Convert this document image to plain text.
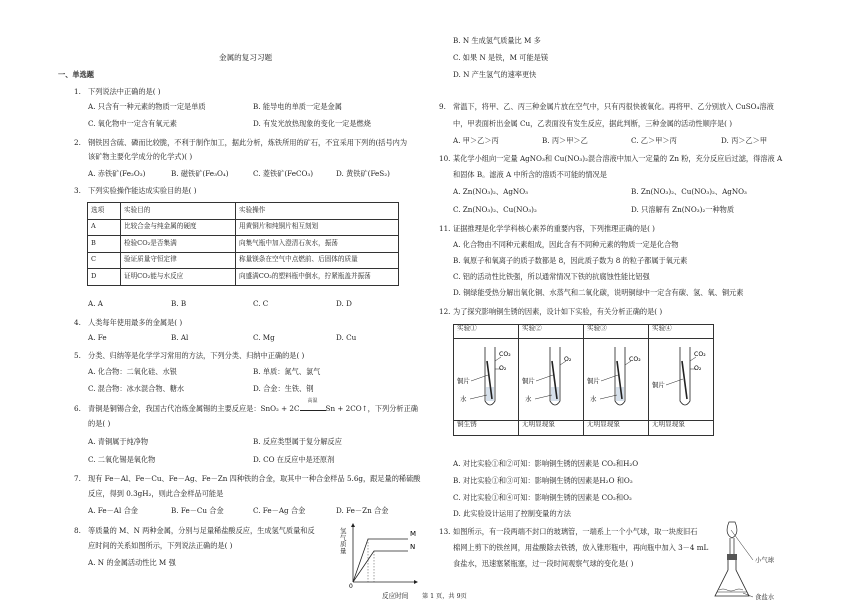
金属的复习习题
一、单选题
1. 下列说法中正确的是( )
A. 只含有一种元素的物质一定是单质	B. 能导电的单质一定是金属
C. 氧化物中一定含有氧元素	D. 有发光放热现象的变化一定是燃烧
2. 钢铁因含硫、磷而比较脆，不利于制作加工，据此分析，炼铁所用的矿石，不宜采用下列的(括号内为
该矿物主要化学成分的化学式)( )
A. 赤铁矿(Fe₂O₃)	B. 磁铁矿(Fe₃O₄)	C. 菱铁矿(FeCO₃)	D. 黄铁矿(FeS₂)
3. 下列实验操作能达成实验目的是( )
选项	实验目的	实验操作
A	比较合金与纯金属的硬度	用黄铜片和纯铜片相互刻划
B	检验CO₂是否集满	向集气瓶中加入澄清石灰水，振荡
C	验证质量守恒定律	称量镁条在空气中点燃前、后固体的质量
D	证明CO₂能与水反应	向盛满CO₂的塑料瓶中倒水，拧紧瓶盖并振荡
A. A	B. B	C. C	D. D
4. 人类每年使用最多的金属是( )
A. Fe	B. Al	C. Mg	D. Cu
5. 分类、归纳等是化学学习常用的方法，下列分类、归纳中正确的是( )
A. 化合物：二氧化硅、水银	B. 单质：氮气、氯气
C. 混合物：冰水混合物、糖水	D. 合金：生铁、钢
6. 青铜是铜锡合金，我国古代冶炼金属锡的主要反应是：SnO₂ + 2C
高温
Sn + 2CO↑，下列分析正确
的是( )
A. 青铜属于纯净物	B. 反应类型属于复分解反应
C. 二氧化锡是氧化物	D. CO 在反应中是还原剂
7. 现有 Fe－Al、Fe－Cu、Fe－Ag、Fe－Zn 四种铁的合金，取其中一种合金样品 5.6g，跟足量的稀硫酸
反应，得到 0.3gH₂，则此合金样品可能是
A. Fe－Al 合金	B. Fe－Cu 合金	C. Fe－Ag 合金	D. Fe－Zn 合金
8. 等质量的 M、N 两种金属，分别与足量稀盐酸反应，生成氢气质量和反
应时间的关系如图所示，下列说法正确的是( )
A. N 的金属活动性比 M 强
M
N
0
氢气质量
反应时间 第 1 页，共 9页
B. N 生成氢气质量比 M 多
C. 如果 N 是铁，M 可能是镁
D. N 产生氢气的速率更快
9. 常温下，将甲、乙、丙三种金属片放在空气中，只有丙很快被氧化。再将甲、乙分别放入 CuSO₄溶液
中，甲表面析出金属 Cu，乙表面没有发生反应，据此判断，三种金属的活动性顺序是( )
A. 甲＞乙＞丙	B. 丙＞甲＞乙	C. 乙＞甲＞丙	D. 丙＞乙＞甲
10. 某化学小组向一定量 AgNO₃和 Cu(NO₃)₂混合溶液中加入一定量的 Zn 粉，充分反应后过滤，得溶液 A
和固体 B。滤液 A 中所含的溶质不可能的情况是
A. Zn(NO₃)₂、AgNO₃	B. Zn(NO₃)₂、Cu(NO₃)₂、AgNO₃
C. Zn(NO₃)₂、Cu(NO₃)₂	D. 只溶解有 Zn(NO₃)₂一种物质
11. 证据推理是化学学科核心素养的重要内容，下列推理正确的是( )
A. 化合物由不同种元素组成，因此含有不同种元素的物质一定是化合物
B. 氧原子和氧离子的质子数都是 8，因此质子数为 8 的粒子都属于氧元素
C. 铝的活动性比铁强，所以通常情况下铁的抗腐蚀性能比铝强
D. 铜绿能受热分解出氧化铜、水蒸气和二氧化碳，说明铜绿中一定含有碳、氢、氧、铜元素
12. 为了探究影响铜生锈的因素，设计如下实验，有关分析正确的是( )
实验①	实验②	实验③	实验④

CO₂
O₂
铜片
水	O₂
铜片
水	CO₂
铜片
水	CO₂
O₂
铜片

铜生锈	无明显现象	无明显现象	无明显现象
A. 对比实验①和②可知：影响铜生锈的因素是 CO₂和H₂O
B. 对比实验①和③可知：影响铜生锈的因素是H₂O 和O₂
C. 对比实验①和④可知：影响铜生锈的因素是 CO₂和O₂
D. 此实验设计运用了控制变量的方法
13. 如图所示，有一段两端不封口的玻璃管，一端系上一个小气球，取一块废旧石
棉网上剪下的铁丝网，用盐酸除去铁锈，放入锥形瓶中，再向瓶中加入 3－4 mL
食盐水，迅速塞紧瓶塞，过一段时间观察气球的变化是( )	小气球
食盐水
